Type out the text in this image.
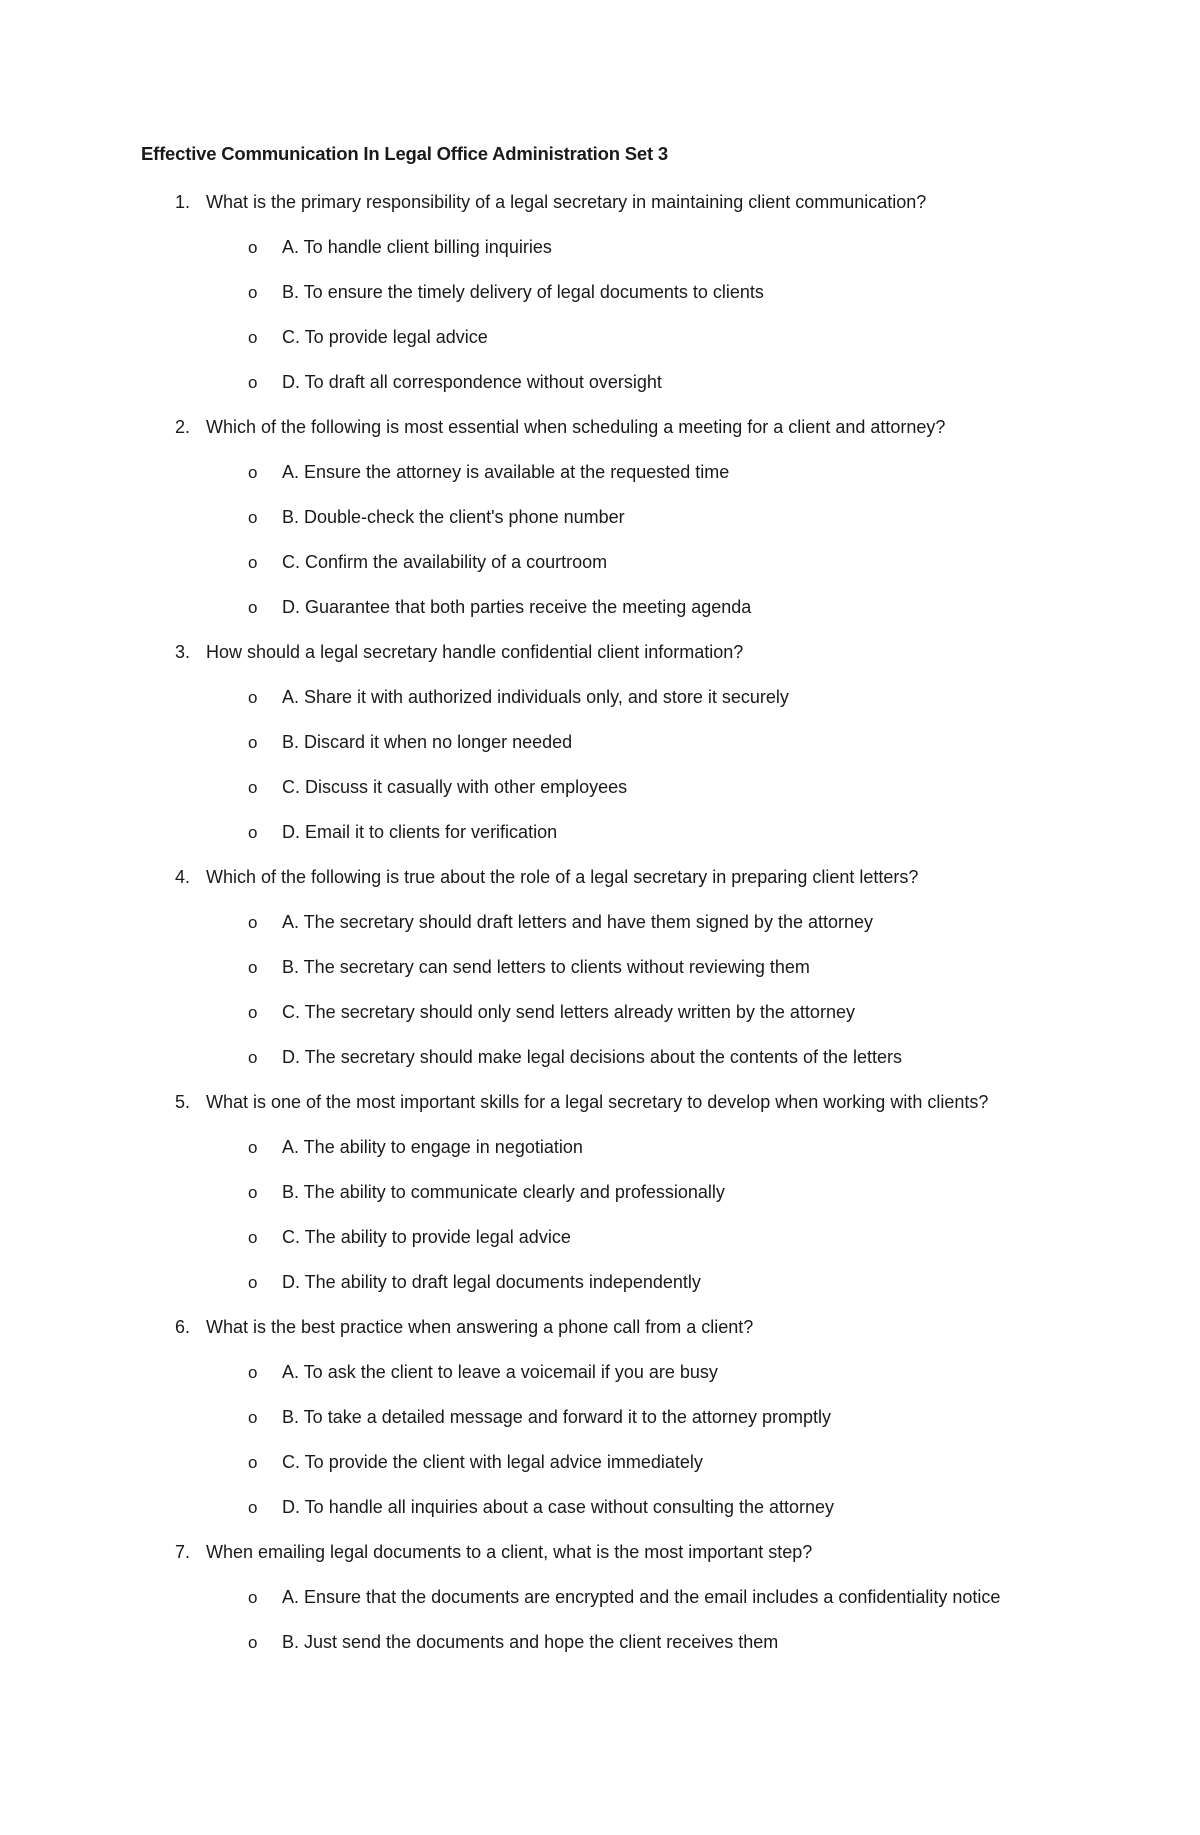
Effective Communication In Legal Office Administration Set 3
1. What is the primary responsibility of a legal secretary in maintaining client communication?
o	A. To handle client billing inquiries
o	B. To ensure the timely delivery of legal documents to clients
o	C. To provide legal advice
o	D. To draft all correspondence without oversight
2. Which of the following is most essential when scheduling a meeting for a client and attorney?
o	A. Ensure the attorney is available at the requested time
o	B. Double-check the client's phone number
o	C. Confirm the availability of a courtroom
o	D. Guarantee that both parties receive the meeting agenda
3. How should a legal secretary handle confidential client information?
o	A. Share it with authorized individuals only, and store it securely
o	B. Discard it when no longer needed
o	C. Discuss it casually with other employees
o	D. Email it to clients for verification
4. Which of the following is true about the role of a legal secretary in preparing client letters?
o	A. The secretary should draft letters and have them signed by the attorney
o	B. The secretary can send letters to clients without reviewing them
o	C. The secretary should only send letters already written by the attorney
o	D. The secretary should make legal decisions about the contents of the letters
5. What is one of the most important skills for a legal secretary to develop when working with clients?
o	A. The ability to engage in negotiation
o	B. The ability to communicate clearly and professionally
o	C. The ability to provide legal advice
o	D. The ability to draft legal documents independently
6. What is the best practice when answering a phone call from a client?
o	A. To ask the client to leave a voicemail if you are busy
o	B. To take a detailed message and forward it to the attorney promptly
o	C. To provide the client with legal advice immediately
o	D. To handle all inquiries about a case without consulting the attorney
7. When emailing legal documents to a client, what is the most important step?
o	A. Ensure that the documents are encrypted and the email includes a confidentiality notice
o	B. Just send the documents and hope the client receives them
